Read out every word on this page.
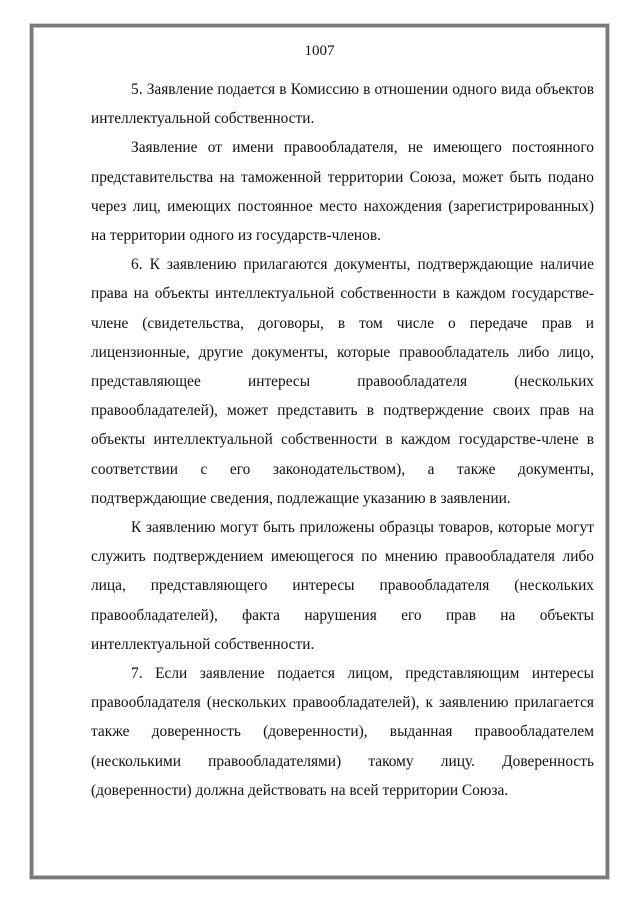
1007

5. Заявление подается в Комиссию в отношении одного вида объектов интеллектуальной собственности.

Заявление от имени правообладателя, не имеющего постоянного представительства на таможенной территории Союза, может быть подано через лиц, имеющих постоянное место нахождения (зарегистрированных) на территории одного из государств-членов.

6. К заявлению прилагаются документы, подтверждающие наличие права на объекты интеллектуальной собственности в каждом государстве-члене (свидетельства, договоры, в том числе о передаче прав и лицензионные, другие документы, которые правообладатель либо лицо, представляющее интересы правообладателя (нескольких правообладателей), может представить в подтверждение своих прав на объекты интеллектуальной собственности в каждом государстве-члене в соответствии с его законодательством), а также документы, подтверждающие сведения, подлежащие указанию в заявлении.

К заявлению могут быть приложены образцы товаров, которые могут служить подтверждением имеющегося по мнению правообладателя либо лица, представляющего интересы правообладателя (нескольких правообладателей), факта нарушения его прав на объекты интеллектуальной собственности.

7. Если заявление подается лицом, представляющим интересы правообладателя (нескольких правообладателей), к заявлению прилагается также доверенность (доверенности), выданная правообладателем (несколькими правообладателями) такому лицу. Доверенность (доверенности) должна действовать на всей территории Союза.
